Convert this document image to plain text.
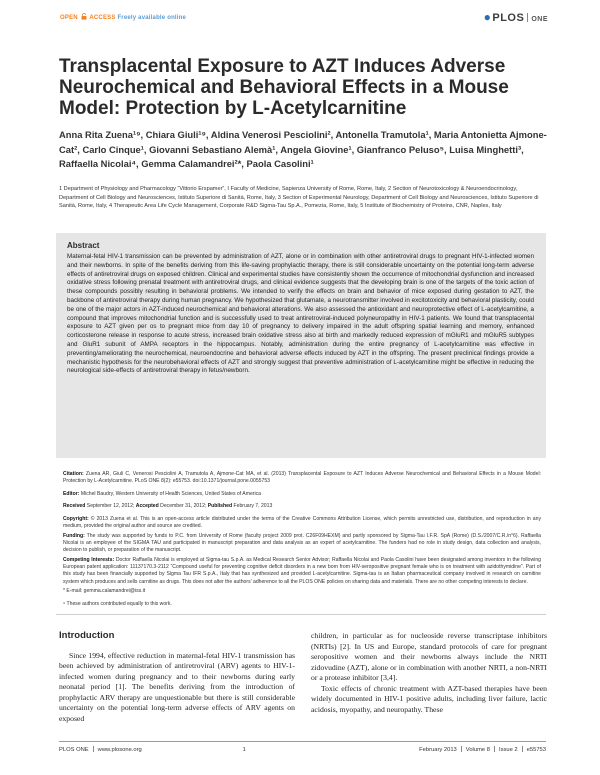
OPEN ACCESS Freely available online	●PLOS ONE
Transplacental Exposure to AZT Induces Adverse Neurochemical and Behavioral Effects in a Mouse Model: Protection by L-Acetylcarnitine
Anna Rita Zuena¹⁹, Chiara Giuli¹⁹, Aldina Venerosi Pesciolini², Antonella Tramutola¹, Maria Antonietta Ajmone-Cat², Carlo Cinque¹, Giovanni Sebastiano Alemà¹, Angela Giovine¹, Gianfranco Peluso⁵, Luisa Minghetti³, Raffaella Nicolai⁴, Gemma Calamandrei²*, Paola Casolini¹
1 Department of Physiology and Pharmacology “Vittorio Erspamer”, I Faculty of Medicine, Sapienza University of Rome, Rome, Italy, 2 Section of Neurotoxicology & Neuroendocrinology, Department of Cell Biology and Neurosciences, Istituto Superiore di Sanità, Rome, Italy, 3 Section of Experimental Neurology, Department of Cell Biology and Neurosciences, Istituto Superiore di Sanità, Rome, Italy, 4 Therapeutic Area Life Cycle Management, Corporate R&D Sigma-Tau Sp.A., Pomezia, Rome, Italy, 5 Institute of Biochemistry of Proteins, CNR, Naples, Italy
Abstract

Maternal-fetal HIV-1 transmission can be prevented by administration of AZT, alone or in combination with other antiretroviral drugs to pregnant HIV-1-infected women and their newborns. In spite of the benefits deriving from this life-saving prophylactic therapy, there is still considerable uncertainty on the potential long-term adverse effects of antiretroviral drugs on exposed children. Clinical and experimental studies have consistently shown the occurrence of mitochondrial dysfunction and increased oxidative stress following prenatal treatment with antiretroviral drugs, and clinical evidence suggests that the developing brain is one of the targets of the toxic action of these compounds possibly resulting in behavioral problems. We intended to verify the effects on brain and behavior of mice exposed during gestation to AZT, the backbone of antiretroviral therapy during human pregnancy. We hypothesized that glutamate, a neurotransmitter involved in excitotoxicity and behavioral plasticity, could be one of the major actors in AZT-induced neurochemical and behavioral alterations. We also assessed the antioxidant and neuroprotective effect of L-acetylcarnitine, a compound that improves mitochondrial function and is successfully used to treat antiretroviral-induced polyneuropathy in HIV-1 patients. We found that transplacental exposure to AZT given per os to pregnant mice from day 10 of pregnancy to delivery impaired in the adult offspring spatial learning and memory, enhanced corticosterone release in response to acute stress, increased brain oxidative stress also at birth and markedly reduced expression of mGluR1 and mGluR5 subtypes and GluR1 subunit of AMPA receptors in the hippocampus. Notably, administration during the entire pregnancy of L-acetylcarnitine was effective in preventing/ameliorating the neurochemical, neuroendocrine and behavioral adverse effects induced by AZT in the offspring. The present preclinical findings provide a mechanistic hypothesis for the neurobehavioral effects of AZT and strongly suggest that preventive administration of L-acetylcarnitine might be effective in reducing the neurological side-effects of antiretroviral therapy in fetus/newborn.

Citation: Zuena AR, Giuli C, Venerosi Pesciolini A, Tramutola A, Ajmone-Cat MA, et al. (2013) Transplacental Exposure to AZT Induces Adverse Neurochemical and Behavioral Effects in a Mouse Model: Protection by L-Acetylcarnitine. PLoS ONE 8(2): e55753. doi:10.1371/journal.pone.0055753
Editor: Michel Baudry, Western University of Health Sciences, United States of America
Received September 12, 2012; Accepted December 31, 2012; Published February 7, 2013
Copyright: © 2013 Zuena et al. This is an open-access article distributed under the terms of the Creative Commons Attribution License, which permits unrestricted use, distribution, and reproduction in any medium, provided the original author and source are credited.
Funding: The study was supported by funds to P.C. from University of Rome (faculty project 2009 prot. C26F09HEXM) and partly sponsored by Sigma-Tau I.F.R. SpA (Rome) (D.S./2007/C.R./n°6). Raffaella Nicolai is an employee of the SIGMA TAU and participated in manuscript preparation and data analysis as an expert of acetylcarnitine. The funders had no role in study design, data collection and analysis, decision to publish, or preparation of the manuscript.
Competing Interests: Doctor Raffaella Nicolai is employed at Sigma-tau S.p.A. as Medical Research Senior Advisor; Raffaella Nicolai and Paola Casolini have been designated among inventors in the following European patent application: 11137170.3-2112 “Compound useful for preventing cognitive deficit disorders in a new born from HIV-seropositive pregnant female who is on treatment with azidothymidine”. Part of this study has been financially supported by Sigma Tau IFR S.p.A., Italy that has synthesized and provided L-acetylcarnitine. Sigma-tau is an Italian pharmaceutical company involved in research on carnitine system which produces and sells carnitine as drugs. This does not alter the authors’ adherence to all the PLOS ONE policies on sharing data and materials. There are no other competing interests to declare.
* E-mail: gemma.calamandrei@iss.it
⁹ These authors contributed equally to this work.
Introduction

Since 1994, effective reduction in maternal-fetal HIV-1 transmission has been achieved by administration of antiretroviral (ARV) agents to HIV-1-infected women during pregnancy and to their newborns during early neonatal period [1]. The benefits deriving from the introduction of prophylactic ARV therapy are unquestionable but there is still considerable uncertainty on the potential long-term adverse effects of ARV agents on exposed

children, in particular as for nucleoside reverse transcriptase inhibitors (NRTIs) [2]. In US and Europe, standard protocols of care for pregnant seropositive women and their newborns always include the NRTI zidovudine (AZT), alone or in combination with another NRTI, a non-NRTI or a protease inhibitor [3,4].

Toxic effects of chronic treatment with AZT-based therapies have been widely documented in HIV-1 positive adults, including liver failure, lactic acidosis, myopathy, and neuropathy. These

PLOS ONE www.plosone.org	1	February 2013 Volume 8 Issue 2 e55753
